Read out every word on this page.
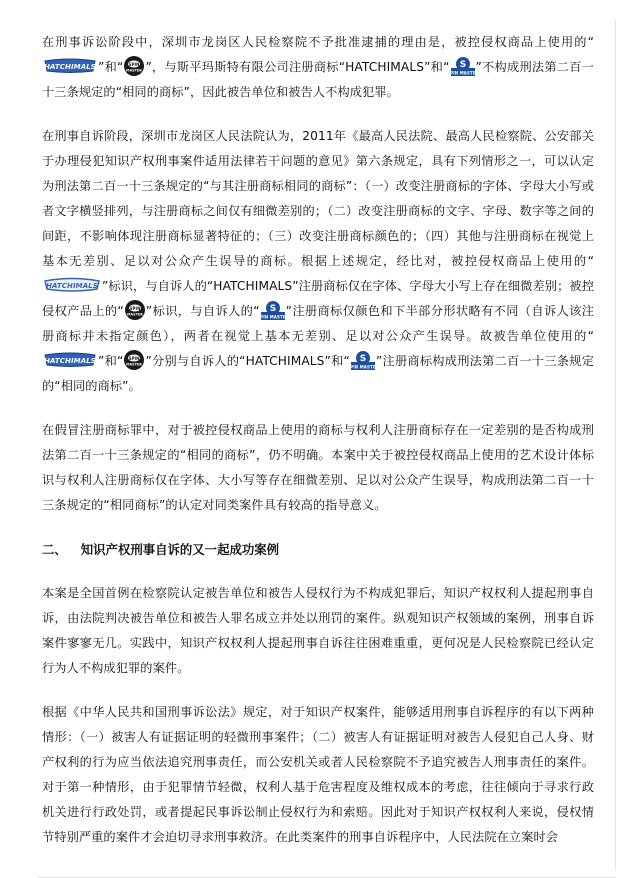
在刑事诉讼阶段中，深圳市龙岗区人民检察院不予批准逮捕的理由是，被控侵权商品上使用的“
HATCHIMALS ”和“ SPIN
MASTER ”，与斯平玛斯特有限公司注册商标“HATCHIMALS”和“ S
SPIN MASTER
”不构成刑法第二百一十三条规定的“相同的商标”，因此被告单位和被告人不构成犯罪。

在刑事自诉阶段，深圳市龙岗区人民法院认为，2011年《最高人民法院、最高人民检察院、公安部关于办理侵犯知识产权刑事案件适用法律若干问题的意见》第六条规定，具有下列情形之一，可以认定为刑法第二百一十三条规定的“与其注册商标相同的商标”：（一）改变注册商标的字体、字母大小写或者文字横竖排列，与注册商标之间仅有细微差别的；（二）改变注册商标的文字、字母、数字等之间的间距，不影响体现注册商标显著特征的；（三）改变注册商标颜色的；（四）其他与注册商标在视觉上基本无差别、足以对公众产生误导的商标。根据上述规定，经比对，被控侵权商品上使用的“
HATCHIMALS ”标识，与自诉人的“HATCHIMALS”注册商标仅在字体、字母大小写上存在细微差别；被控侵权产品上的“ SPIN
MASTER ”标识，与自诉人的“ S
SPIN MASTER
”注册商标仅颜色和下半部分形状略有不同（自诉人该注册商标并未指定颜色），两者在视觉上基本无差别、足以对公众产生误导。故被告单位使用的“
HATCHIMALS ”和“ SPIN
MASTER ”分别与自诉人的“HATCHIMALS”和“ S
SPIN MASTER
”注册商标构成刑法第二百一十三条规定的“相同的商标”。

在假冒注册商标罪中，对于被控侵权商品上使用的商标与权利人注册商标存在一定差别的是否构成刑法第二百一十三条规定的“相同的商标”，仍不明确。本案中关于被控侵权商品上使用的艺术设计体标识与权利人注册商标仅在字体、大小写等存在细微差别、足以对公众产生误导，构成刑法第二百一十三条规定的“相同商标”的认定对同类案件具有较高的指导意义。

二、 知识产权刑事自诉的又一起成功案例

本案是全国首例在检察院认定被告单位和被告人侵权行为不构成犯罪后，知识产权权利人提起刑事自诉，由法院判决被告单位和被告人罪名成立并处以刑罚的案件。纵观知识产权领域的案例，刑事自诉案件寥寥无几。实践中，知识产权权利人提起刑事自诉往往困难重重，更何况是人民检察院已经认定行为人不构成犯罪的案件。

根据《中华人民共和国刑事诉讼法》规定，对于知识产权案件，能够适用刑事自诉程序的有以下两种情形：（一）被害人有证据证明的轻微刑事案件；（二）被害人有证据证明对被告人侵犯自己人身、财产权利的行为应当依法追究刑事责任，而公安机关或者人民检察院不予追究被告人刑事责任的案件。对于第一种情形，由于犯罪情节轻微，权利人基于危害程度及维权成本的考虑，往往倾向于寻求行政机关进行行政处罚，或者提起民事诉讼制止侵权行为和索赔。因此对于知识产权权利人来说，侵权情节特别严重的案件才会迫切寻求刑事救济。在此类案件的刑事自诉程序中，人民法院在立案时会
